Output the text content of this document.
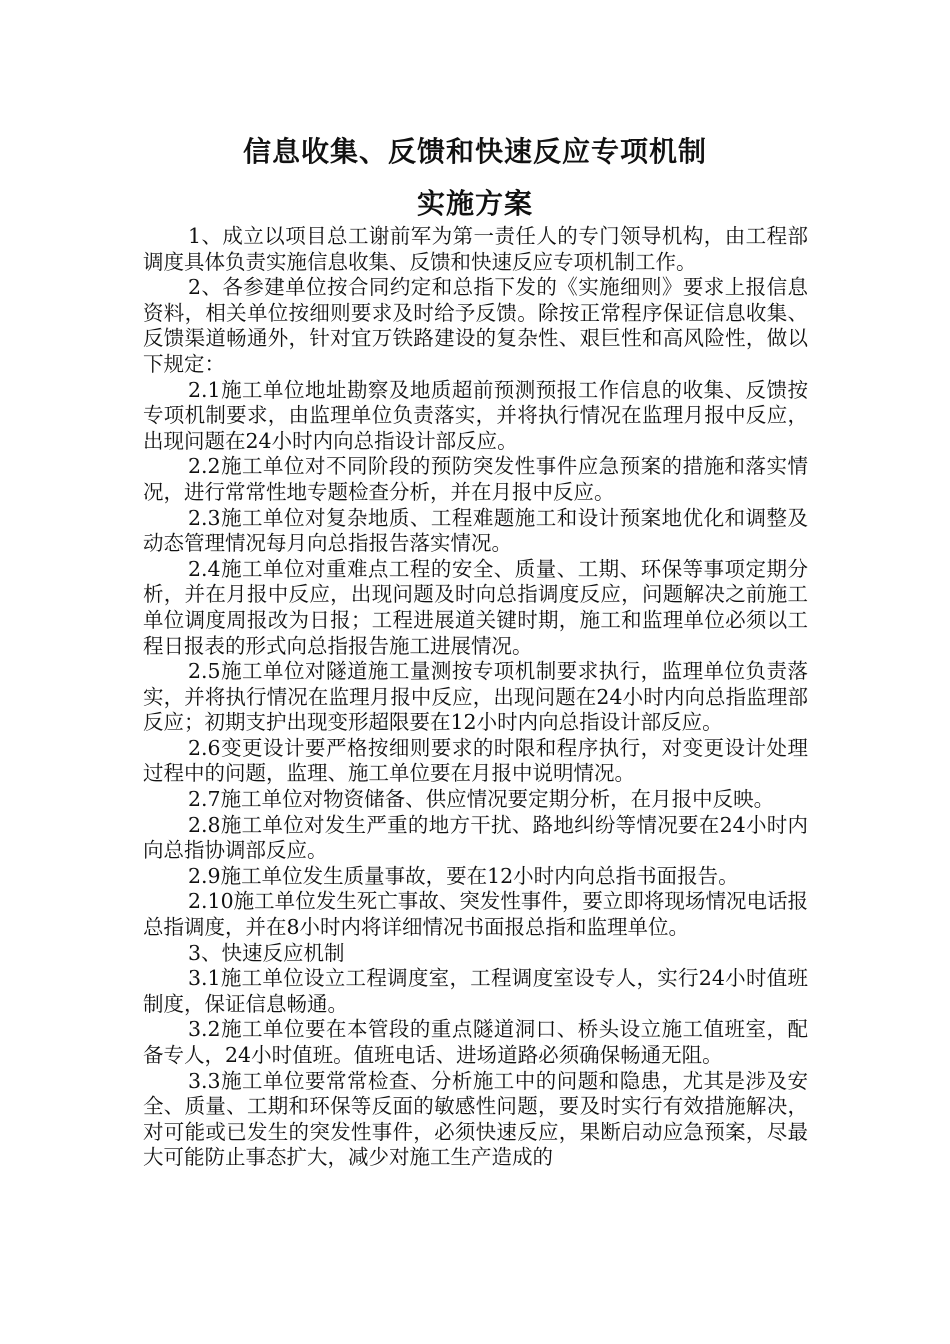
信息收集、反馈和快速反应专项机制
实施方案

1、成立以项目总工谢前军为第一责任人的专门领导机构，由工程部调度具体负责实施信息收集、反馈和快速反应专项机制工作。

2、各参建单位按合同约定和总指下发的《实施细则》要求上报信息资料，相关单位按细则要求及时给予反馈。除按正常程序保证信息收集、反馈渠道畅通外，针对宜万铁路建设的复杂性、艰巨性和高风险性，做以下规定：

2.1施工单位地址勘察及地质超前预测预报工作信息的收集、反馈按专项机制要求，由监理单位负责落实，并将执行情况在监理月报中反应，出现问题在24小时内向总指设计部反应。

2.2施工单位对不同阶段的预防突发性事件应急预案的措施和落实情况，进行常常性地专题检查分析，并在月报中反应。

2.3施工单位对复杂地质、工程难题施工和设计预案地优化和调整及动态管理情况每月向总指报告落实情况。

2.4施工单位对重难点工程的安全、质量、工期、环保等事项定期分析，并在月报中反应，出现问题及时向总指调度反应，问题解决之前施工单位调度周报改为日报；工程进展道关键时期，施工和监理单位必须以工程日报表的形式向总指报告施工进展情况。

2.5施工单位对隧道施工量测按专项机制要求执行，监理单位负责落实，并将执行情况在监理月报中反应，出现问题在24小时内向总指监理部反应；初期支护出现变形超限要在12小时内向总指设计部反应。

2.6变更设计要严格按细则要求的时限和程序执行，对变更设计处理过程中的问题，监理、施工单位要在月报中说明情况。

2.7施工单位对物资储备、供应情况要定期分析，在月报中反映。

2.8施工单位对发生严重的地方干扰、路地纠纷等情况要在24小时内向总指协调部反应。

2.9施工单位发生质量事故，要在12小时内向总指书面报告。

2.10施工单位发生死亡事故、突发性事件，要立即将现场情况电话报总指调度，并在8小时内将详细情况书面报总指和监理单位。

3、快速反应机制

3.1施工单位设立工程调度室，工程调度室设专人，实行24小时值班制度，保证信息畅通。

3.2施工单位要在本管段的重点隧道洞口、桥头设立施工值班室，配备专人，24小时值班。值班电话、进场道路必须确保畅通无阻。

3.3施工单位要常常检查、分析施工中的问题和隐患，尤其是涉及安全、质量、工期和环保等反面的敏感性问题，要及时实行有效措施解决，对可能或已发生的突发性事件，必须快速反应，果断启动应急预案，尽最大可能防止事态扩大，减少对施工生产造成的
